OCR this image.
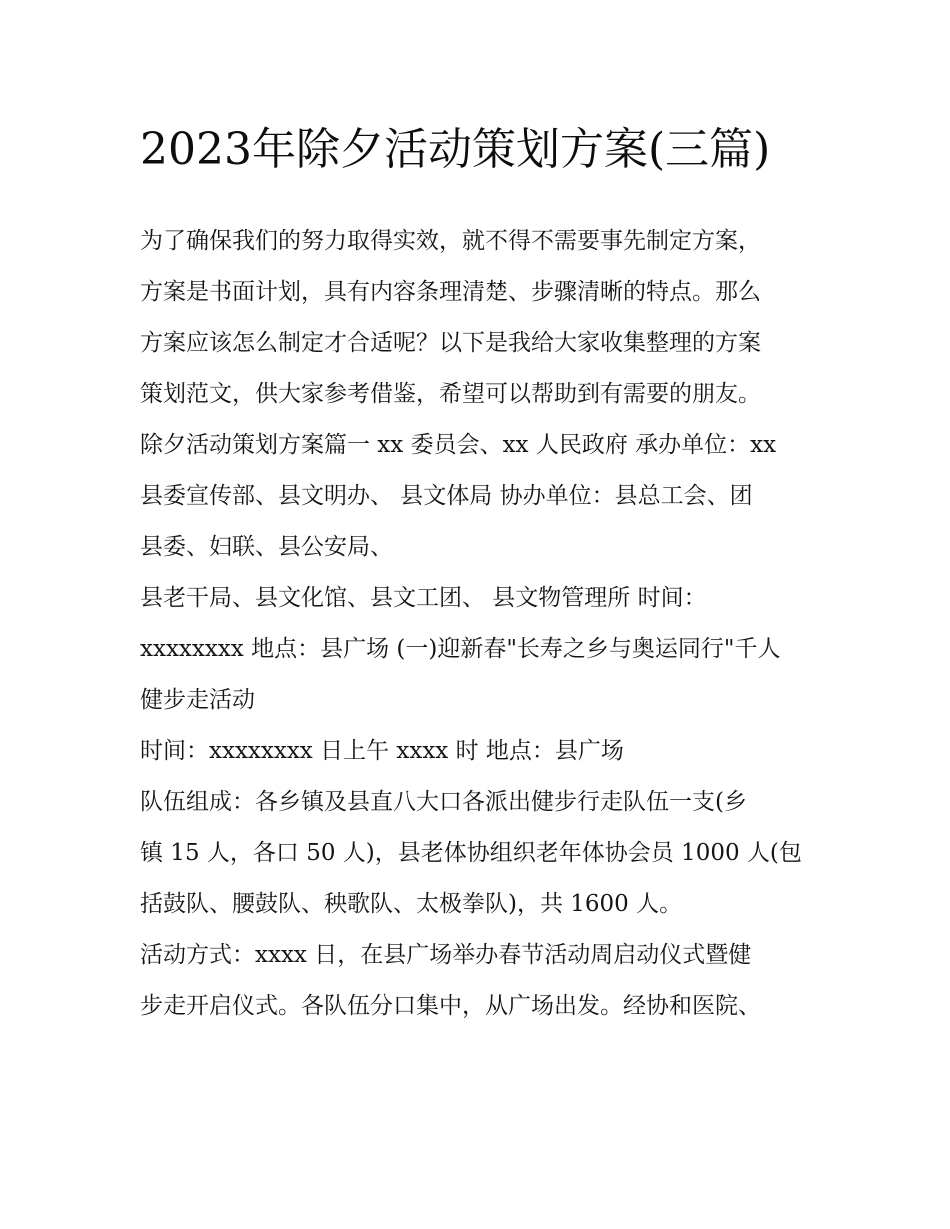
2023年除夕活动策划方案(三篇)

为了确保我们的努力取得实效，就不得不需要事先制定方案，

方案是书面计划，具有内容条理清楚、步骤清晰的特点。那么

方案应该怎么制定才合适呢？以下是我给大家收集整理的方案

策划范文，供大家参考借鉴，希望可以帮助到有需要的朋友。

除夕活动策划方案篇一 xx 委员会、xx 人民政府 承办单位：xx

县委宣传部、县文明办、 县文体局 协办单位：县总工会、团

县委、妇联、县公安局、

县老干局、县文化馆、县文工团、 县文物管理所 时间：

xxxxxxxx 地点：县广场 (一)迎新春"长寿之乡与奥运同行"千人

健步走活动

时间：xxxxxxxx 日上午 xxxx 时 地点：县广场

队伍组成：各乡镇及县直八大口各派出健步行走队伍一支(乡

镇 15 人，各口 50 人)，县老体协组织老年体协会员 1000 人(包

括鼓队、腰鼓队、秧歌队、太极拳队)，共 1600 人。

活动方式：xxxx 日，在县广场举办春节活动周启动仪式暨健

步走开启仪式。各队伍分口集中，从广场出发。经协和医院、
